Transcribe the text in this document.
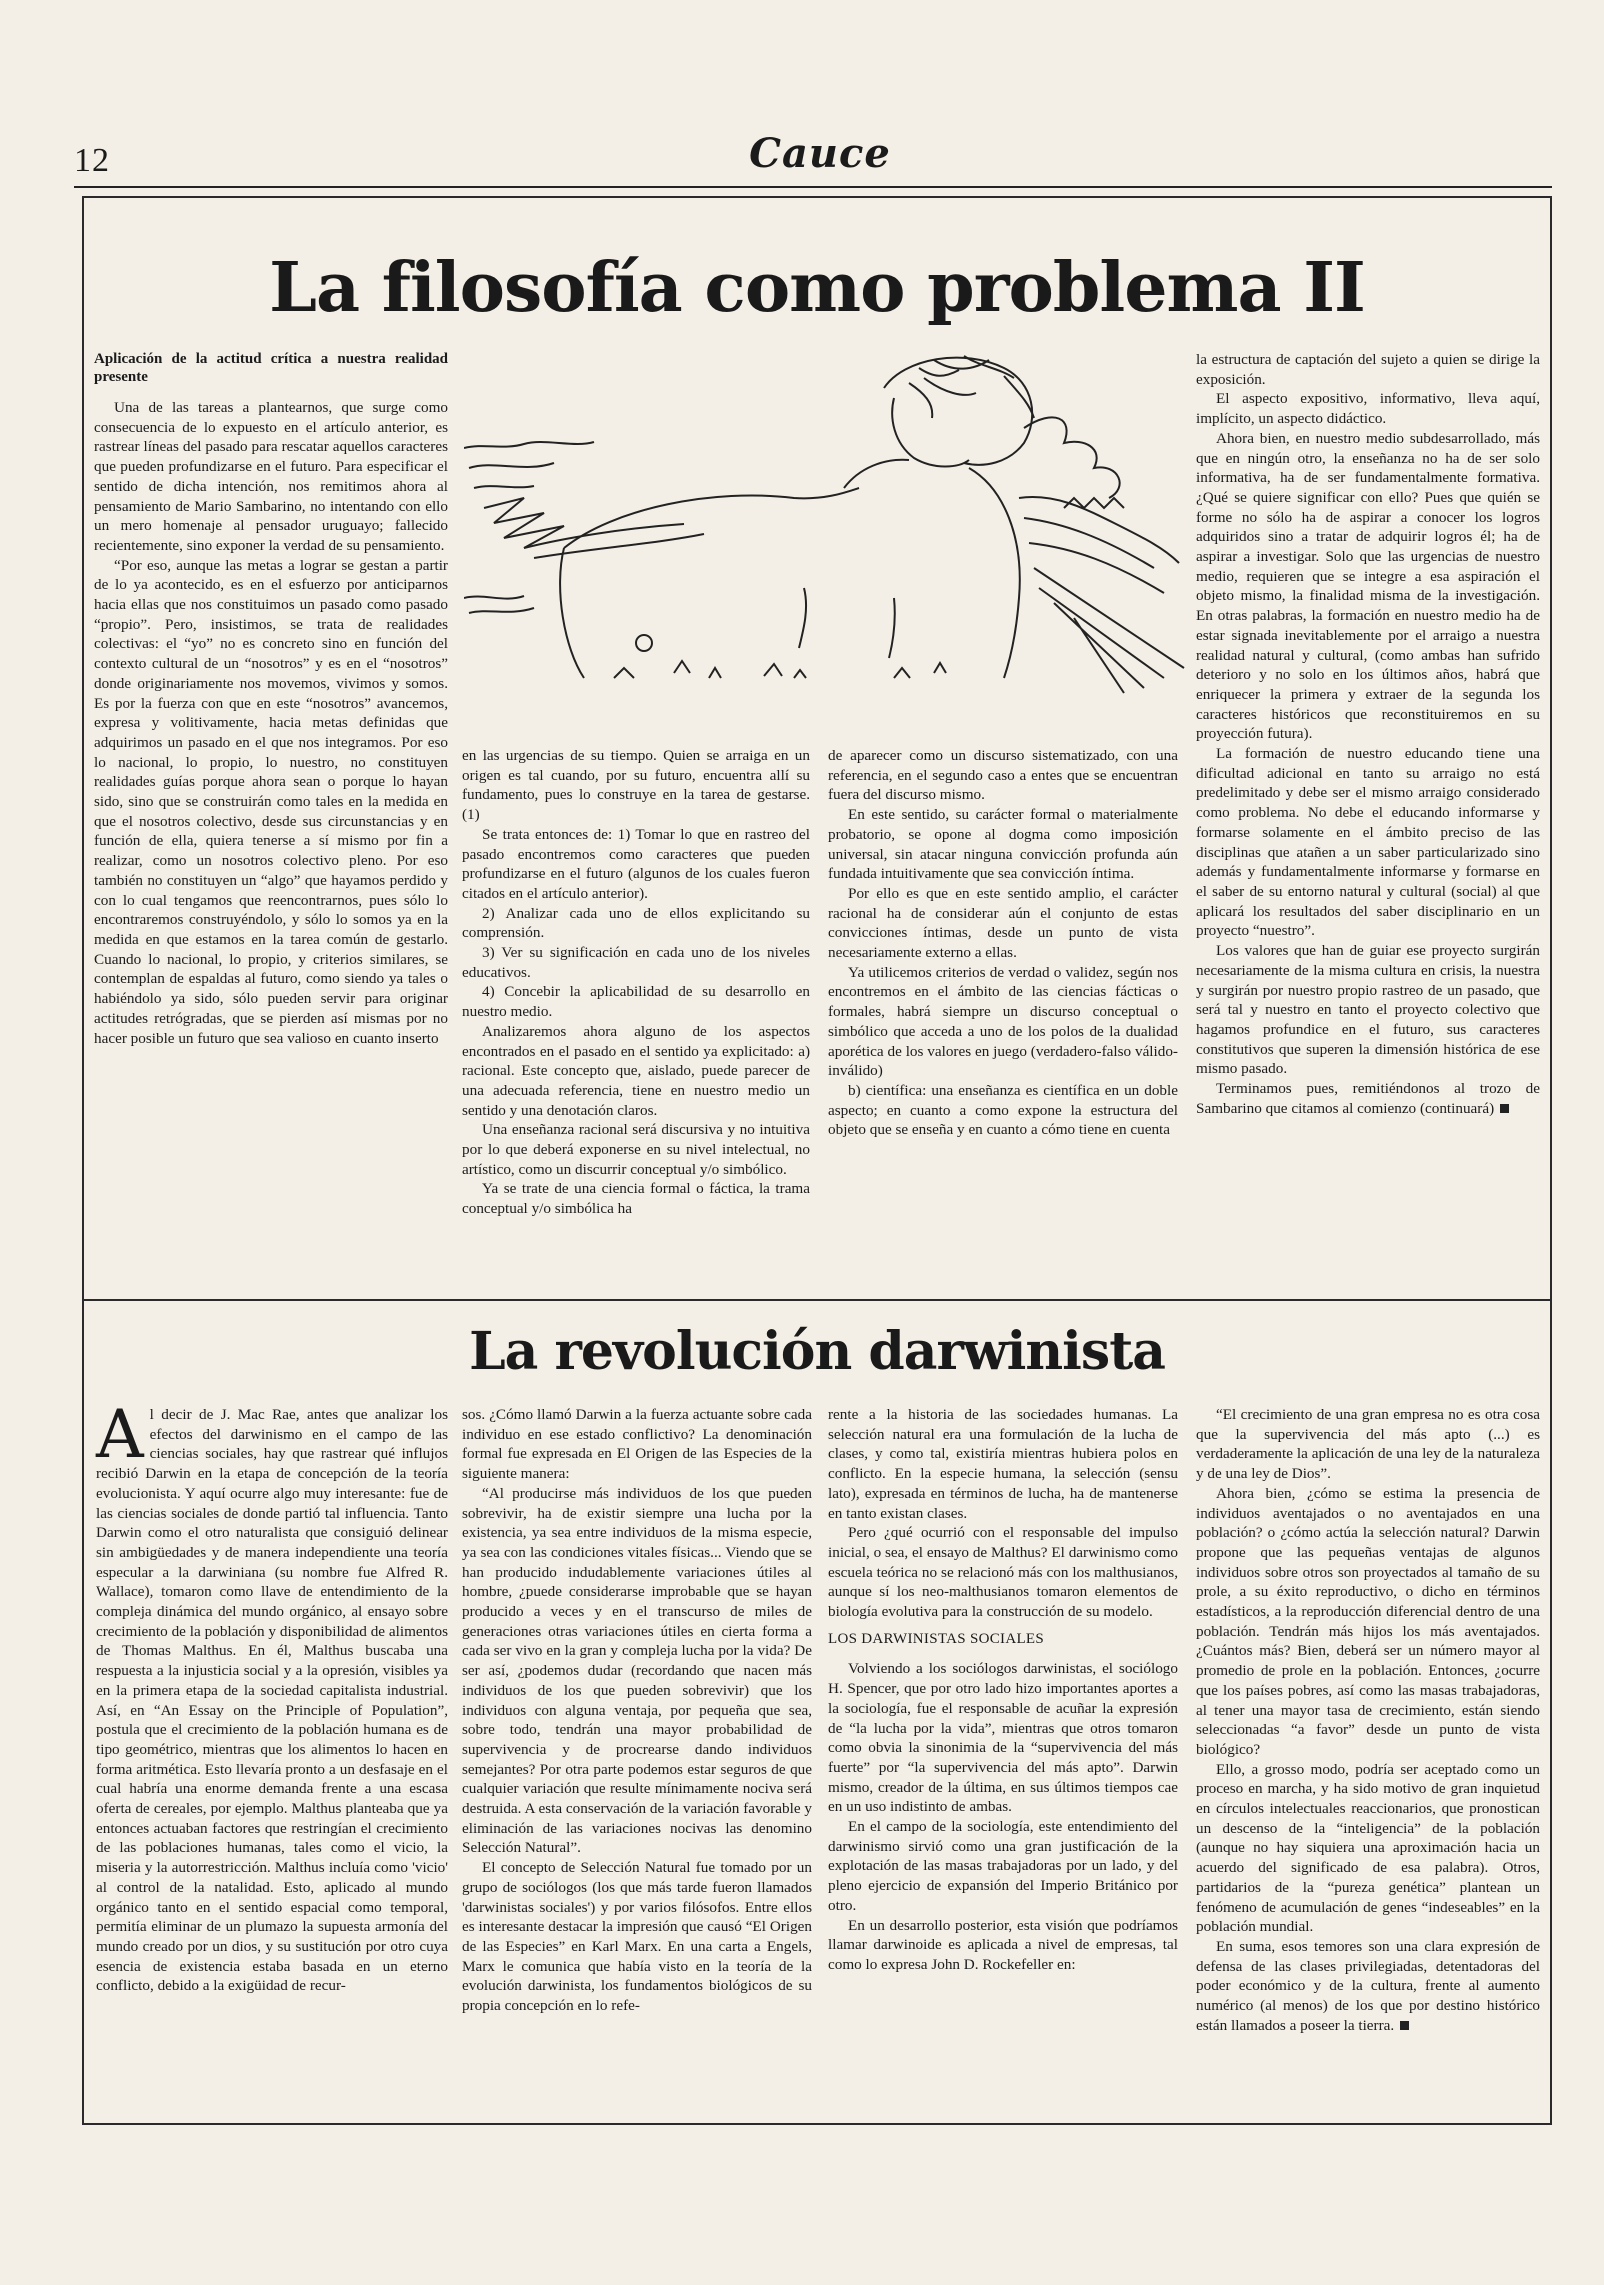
12	Cauce
La filosofía como problema II

Aplicación de la actitud crítica a nuestra realidad presente

Una de las tareas a plantearnos, que surge como consecuencia de lo expuesto en el artículo anterior, es rastrear líneas del pasado para rescatar aquellos caracteres que pueden profundizarse en el futuro. Para especificar el sentido de dicha intención, nos remitimos ahora al pensamiento de Mario Sambarino, no intentando con ello un mero homenaje al pensador uruguayo; fallecido recientemente, sino exponer la verdad de su pensamiento.

“Por eso, aunque las metas a lograr se gestan a partir de lo ya acontecido, es en el esfuerzo por anticiparnos hacia ellas que nos constituimos un pasado como pasado “propio”. Pero, insistimos, se trata de realidades colectivas: el “yo” no es concreto sino en función del contexto cultural de un “nosotros” y es en el “nosotros” donde originariamente nos movemos, vivimos y somos. Es por la fuerza con que en este “nosotros” avancemos, expresa y volitivamente, hacia metas definidas que adquirimos un pasado en el que nos integramos. Por eso lo nacional, lo propio, lo nuestro, no constituyen realidades guías porque ahora sean o porque lo hayan sido, sino que se construirán como tales en la medida en que el nosotros colectivo, desde sus circunstancias y en función de ella, quiera tenerse a sí mismo por fin a realizar, como un nosotros colectivo pleno. Por eso también no constituyen un “algo” que hayamos perdido y con lo cual tengamos que reencontrarnos, pues sólo lo encontraremos construyéndolo, y sólo lo somos ya en la medida en que estamos en la tarea común de gestarlo. Cuando lo nacional, lo propio, y criterios similares, se contemplan de espaldas al futuro, como siendo ya tales o habiéndolo ya sido, sólo pueden servir para originar actitudes retrógradas, que se pierden así mismas por no hacer posible un futuro que sea valioso en cuanto inserto

en las urgencias de su tiempo. Quien se arraiga en un origen es tal cuando, por su futuro, encuentra allí su fundamento, pues lo construye en la tarea de gestarse. (1)

Se trata entonces de: 1) Tomar lo que en rastreo del pasado encontremos como caracteres que pueden profundizarse en el futuro (algunos de los cuales fueron citados en el artículo anterior).

2) Analizar cada uno de ellos explicitando su comprensión.

3) Ver su significación en cada uno de los niveles educativos.

4) Concebir la aplicabilidad de su desarrollo en nuestro medio.

Analizaremos ahora alguno de los aspectos encontrados en el pasado en el sentido ya explicitado: a) racional. Este concepto que, aislado, puede parecer de una adecuada referencia, tiene en nuestro medio un sentido y una denotación claros.

Una enseñanza racional será discursiva y no intuitiva por lo que deberá exponerse en su nivel intelectual, no artístico, como un discurrir conceptual y/o simbólico.

Ya se trate de una ciencia formal o fáctica, la trama conceptual y/o simbólica ha

de aparecer como un discurso sistematizado, con una referencia, en el segundo caso a entes que se encuentran fuera del discurso mismo.

En este sentido, su carácter formal o materialmente probatorio, se opone al dogma como imposición universal, sin atacar ninguna convicción profunda aún fundada intuitivamente que sea convicción íntima.

Por ello es que en este sentido amplio, el carácter racional ha de considerar aún el conjunto de estas convicciones íntimas, desde un punto de vista necesariamente externo a ellas.

Ya utilicemos criterios de verdad o validez, según nos encontremos en el ámbito de las ciencias fácticas o formales, habrá siempre un discurso conceptual o simbólico que acceda a uno de los polos de la dualidad aporética de los valores en juego (verdadero-falso válido-inválido)

b) científica: una enseñanza es científica en un doble aspecto; en cuanto a como expone la estructura del objeto que se enseña y en cuanto a cómo tiene en cuenta

la estructura de captación del sujeto a quien se dirige la exposición.

El aspecto expositivo, informativo, lleva aquí, implícito, un aspecto didáctico.

Ahora bien, en nuestro medio subdesarrollado, más que en ningún otro, la enseñanza no ha de ser solo informativa, ha de ser fundamentalmente formativa. ¿Qué se quiere significar con ello? Pues que quién se forme no sólo ha de aspirar a conocer los logros adquiridos sino a tratar de adquirir logros él; ha de aspirar a investigar. Solo que las urgencias de nuestro medio, requieren que se integre a esa aspiración el objeto mismo, la finalidad misma de la investigación. En otras palabras, la formación en nuestro medio ha de estar signada inevitablemente por el arraigo a nuestra realidad natural y cultural, (como ambas han sufrido deterioro y no solo en los últimos años, habrá que enriquecer la primera y extraer de la segunda los caracteres históricos que reconstituiremos en su proyección futura).

La formación de nuestro educando tiene una dificultad adicional en tanto su arraigo no está predelimitado y debe ser el mismo arraigo considerado como problema. No debe el educando informarse y formarse solamente en el ámbito preciso de las disciplinas que atañen a un saber particularizado sino además y fundamentalmente informarse y formarse en el saber de su entorno natural y cultural (social) al que aplicará los resultados del saber disciplinario en un proyecto “nuestro”.

Los valores que han de guiar ese proyecto surgirán necesariamente de la misma cultura en crisis, la nuestra y surgirán por nuestro propio rastreo de un pasado, que será tal y nuestro en tanto el proyecto colectivo que hagamos profundice en el futuro, sus caracteres constitutivos que superen la dimensión histórica de ese mismo pasado.

Terminamos pues, remitiéndonos al trozo de Sambarino que citamos al comienzo (continuará)

La revolución darwinista

Al decir de J. Mac Rae, antes que analizar los efectos del darwinismo en el campo de las ciencias sociales, hay que rastrear qué influjos recibió Darwin en la etapa de concepción de la teoría evolucionista. Y aquí ocurre algo muy interesante: fue de las ciencias sociales de donde partió tal influencia. Tanto Darwin como el otro naturalista que consiguió delinear sin ambigüedades y de manera independiente una teoría especular a la darwiniana (su nombre fue Alfred R. Wallace), tomaron como llave de entendimiento de la compleja dinámica del mundo orgánico, al ensayo sobre crecimiento de la población y disponibilidad de alimentos de Thomas Malthus. En él, Malthus buscaba una respuesta a la injusticia social y a la opresión, visibles ya en la primera etapa de la sociedad capitalista industrial. Así, en “An Essay on the Principle of Population”, postula que el crecimiento de la población humana es de tipo geométrico, mientras que los alimentos lo hacen en forma aritmética. Esto llevaría pronto a un desfasaje en el cual habría una enorme demanda frente a una escasa oferta de cereales, por ejemplo. Malthus planteaba que ya entonces actuaban factores que restringían el crecimiento de las poblaciones humanas, tales como el vicio, la miseria y la autorrestricción. Malthus incluía como 'vicio' al control de la natalidad. Esto, aplicado al mundo orgánico tanto en el sentido espacial como temporal, permitía eliminar de un plumazo la supuesta armonía del mundo creado por un dios, y su sustitución por otro cuya esencia de existencia estaba basada en un eterno conflicto, debido a la exigüidad de recur-

sos. ¿Cómo llamó Darwin a la fuerza actuante sobre cada individuo en ese estado conflictivo? La denominación formal fue expresada en El Origen de las Especies de la siguiente manera:

“Al producirse más individuos de los que pueden sobrevivir, ha de existir siempre una lucha por la existencia, ya sea entre individuos de la misma especie, ya sea con las condiciones vitales físicas... Viendo que se han producido indudablemente variaciones útiles al hombre, ¿puede considerarse improbable que se hayan producido a veces y en el transcurso de miles de generaciones otras variaciones útiles en cierta forma a cada ser vivo en la gran y compleja lucha por la vida? De ser así, ¿podemos dudar (recordando que nacen más individuos de los que pueden sobrevivir) que los individuos con alguna ventaja, por pequeña que sea, sobre todo, tendrán una mayor probabilidad de supervivencia y de procrearse dando individuos semejantes? Por otra parte podemos estar seguros de que cualquier variación que resulte mínimamente nociva será destruida. A esta conservación de la variación favorable y eliminación de las variaciones nocivas las denomino Selección Natural”.

El concepto de Selección Natural fue tomado por un grupo de sociólogos (los que más tarde fueron llamados 'darwinistas sociales') y por varios filósofos. Entre ellos es interesante destacar la impresión que causó “El Origen de las Especies” en Karl Marx. En una carta a Engels, Marx le comunica que había visto en la teoría de la evolución darwinista, los fundamentos biológicos de su propia concepción en lo refe-

rente a la historia de las sociedades humanas. La selección natural era una formulación de la lucha de clases, y como tal, existiría mientras hubiera polos en conflicto. En la especie humana, la selección (sensu lato), expresada en términos de lucha, ha de mantenerse en tanto existan clases.

Pero ¿qué ocurrió con el responsable del impulso inicial, o sea, el ensayo de Malthus? El darwinismo como escuela teórica no se relacionó más con los malthusianos, aunque sí los neo-malthusianos tomaron elementos de biología evolutiva para la construcción de su modelo.

LOS DARWINISTAS SOCIALES

Volviendo a los sociólogos darwinistas, el sociólogo H. Spencer, que por otro lado hizo importantes aportes a la sociología, fue el responsable de acuñar la expresión de “la lucha por la vida”, mientras que otros tomaron como obvia la sinonimia de la “supervivencia del más fuerte” por “la supervivencia del más apto”. Darwin mismo, creador de la última, en sus últimos tiempos cae en un uso indistinto de ambas.

En el campo de la sociología, este entendimiento del darwinismo sirvió como una gran justificación de la explotación de las masas trabajadoras por un lado, y del pleno ejercicio de expansión del Imperio Británico por otro.

En un desarrollo posterior, esta visión que podríamos llamar darwinoide es aplicada a nivel de empresas, tal como lo expresa John D. Rockefeller en:

“El crecimiento de una gran empresa no es otra cosa que la supervivencia del más apto (...) es verdaderamente la aplicación de una ley de la naturaleza y de una ley de Dios”.

Ahora bien, ¿cómo se estima la presencia de individuos aventajados o no aventajados en una población? o ¿cómo actúa la selección natural? Darwin propone que las pequeñas ventajas de algunos individuos sobre otros son proyectados al tamaño de su prole, a su éxito reproductivo, o dicho en términos estadísticos, a la reproducción diferencial dentro de una población. Tendrán más hijos los más aventajados. ¿Cuántos más? Bien, deberá ser un número mayor al promedio de prole en la población. Entonces, ¿ocurre que los países pobres, así como las masas trabajadoras, al tener una mayor tasa de crecimiento, están siendo seleccionadas “a favor” desde un punto de vista biológico?

Ello, a grosso modo, podría ser aceptado como un proceso en marcha, y ha sido motivo de gran inquietud en círculos intelectuales reaccionarios, que pronostican un descenso de la “inteligencia” de la población (aunque no hay siquiera una aproximación hacia un acuerdo del significado de esa palabra). Otros, partidarios de la “pureza genética” plantean un fenómeno de acumulación de genes “indeseables” en la población mundial.

En suma, esos temores son una clara expresión de defensa de las clases privilegiadas, detentadoras del poder económico y de la cultura, frente al aumento numérico (al menos) de los que por destino histórico están llamados a poseer la tierra.
